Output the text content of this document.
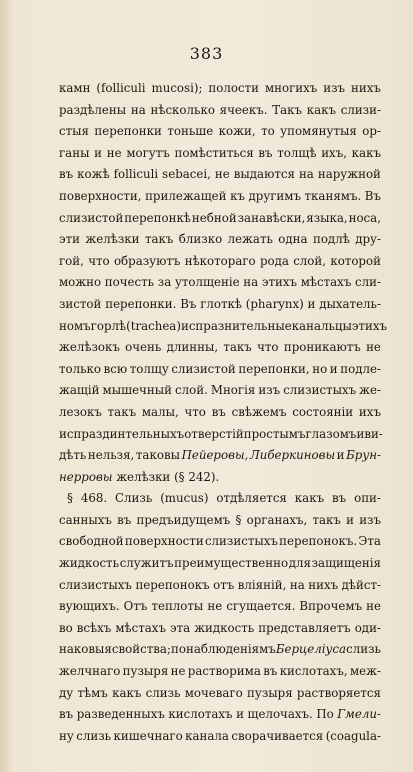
383
камн (folliculi mucosi); полости многихъ изъ нихъ
раздѣлены на нѣсколько ячеекъ. Такъ какъ слизи-
стыя перепонки тоньше кожи, то упомянутыя ор-
ганы и не могутъ помѣститься въ толщѣ ихъ, какъ
въ кожѣ folliculi sebacei, не выдаются на наружной
поверхности, прилежащей къ другимъ тканямъ. Въ
слизистой перепонкѣ небной занавѣски, языка, носа,
эти желѣзки такъ близко лежать одна подлѣ дру-
гой, что образуютъ нѣкотораго рода слой, которой
можно почесть за утолщеніе на этихъ мѣстахъ сли-
зистой перепонки. Въ глоткѣ (pharynx) и дыхатель-
номъ горлѣ (trachea) испразнительные канальцы этихъ
желѣзокъ очень длинны, такъ что проникаютъ не
только всю толщу слизистой перепонки, но и подле-
жащій мышечный слой. Многія изъ слизистыхъ же-
лезокъ такъ малы, что въ свѣжемъ состояніи ихъ
испраздинтельныхъ отверстій простымъ глазомъ и ви-
дѣть нельзя, таковы Пейеровы, Либеркиновы и Брун-
нерровы
желѣзки
(§
242).
§ 468. Слизь (mucus) отдѣляется какъ въ опи-
санныхъ въ предъидущемъ § органахъ, такъ и изъ
свободной поверхности слизистыхъ перепонокъ. Эта
жидкость служитъ преимущественно для защищенія
слизистыхъ перепонокъ отъ вліяній, на нихъ дѣйст-
вующихъ. Отъ теплоты не сгущается. Впрочемъ не
во всѣхъ мѣстахъ эта жидкость представляетъ оди-
наковыя свойства; по наблюденіямъ Берцеліуса слизь
желчнаго пузыря не растворима въ кислотахъ, меж-
ду тѣмъ какъ слизь мочеваго пузыря растворяется
въ разведенныхъ кислотахъ и щелочахъ. По Гмели-
ну слизь кишечнаго канала свoрачивается (coagula-
